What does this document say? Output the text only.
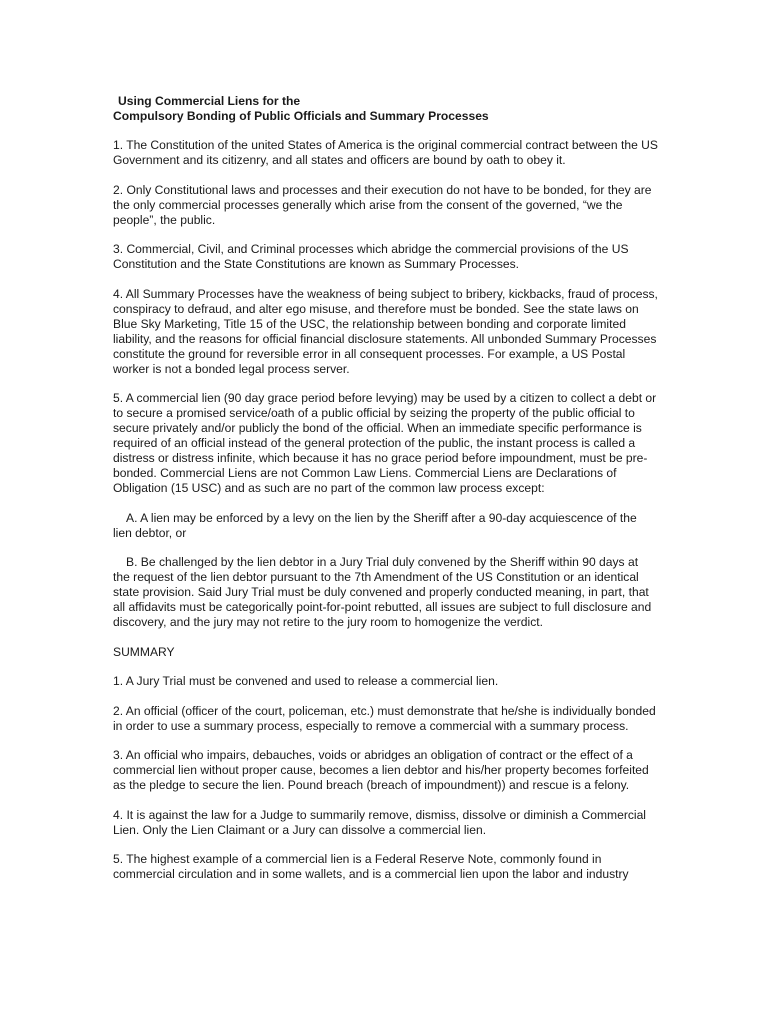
Using Commercial Liens for the
Compulsory Bonding of Public Officials and Summary Processes

1. The Constitution of the united States of America is the original commercial contract between the US Government and its citizenry, and all states and officers are bound by oath to obey it.

2. Only Constitutional laws and processes and their execution do not have to be bonded, for they are the only commercial processes generally which arise from the consent of the governed, “we the people”, the public.

3. Commercial, Civil, and Criminal processes which abridge the commercial provisions of the US Constitution and the State Constitutions are known as Summary Processes.

4. All Summary Processes have the weakness of being subject to bribery, kickbacks, fraud of process, conspiracy to defraud, and alter ego misuse, and therefore must be bonded. See the state laws on Blue Sky Marketing, Title 15 of the USC, the relationship between bonding and corporate limited liability, and the reasons for official financial disclosure statements. All unbonded Summary Processes constitute the ground for reversible error in all consequent processes. For example, a US Postal worker is not a bonded legal process server.

5. A commercial lien (90 day grace period before levying) may be used by a citizen to collect a debt or to secure a promised service/oath of a public official by seizing the property of the public official to secure privately and/or publicly the bond of the official. When an immediate specific performance is required of an official instead of the general protection of the public, the instant process is called a distress or distress infinite, which because it has no grace period before impoundment, must be pre-bonded. Commercial Liens are not Common Law Liens. Commercial Liens are Declarations of Obligation (15 USC) and as such are no part of the common law process except:

A. A lien may be enforced by a levy on the lien by the Sheriff after a 90-day acquiescence of the lien debtor, or

B. Be challenged by the lien debtor in a Jury Trial duly convened by the Sheriff within 90 days at the request of the lien debtor pursuant to the 7th Amendment of the US Constitution or an identical state provision. Said Jury Trial must be duly convened and properly conducted meaning, in part, that all affidavits must be categorically point-for-point rebutted, all issues are subject to full disclosure and discovery, and the jury may not retire to the jury room to homogenize the verdict.

SUMMARY

1. A Jury Trial must be convened and used to release a commercial lien.

2. An official (officer of the court, policeman, etc.) must demonstrate that he/she is individually bonded in order to use a summary process, especially to remove a commercial with a summary process.

3. An official who impairs, debauches, voids or abridges an obligation of contract or the effect of a commercial lien without proper cause, becomes a lien debtor and his/her property becomes forfeited as the pledge to secure the lien. Pound breach (breach of impoundment)) and rescue is a felony.

4. It is against the law for a Judge to summarily remove, dismiss, dissolve or diminish a Commercial Lien. Only the Lien Claimant or a Jury can dissolve a commercial lien.

5. The highest example of a commercial lien is a Federal Reserve Note, commonly found in commercial circulation and in some wallets, and is a commercial lien upon the labor and industry
